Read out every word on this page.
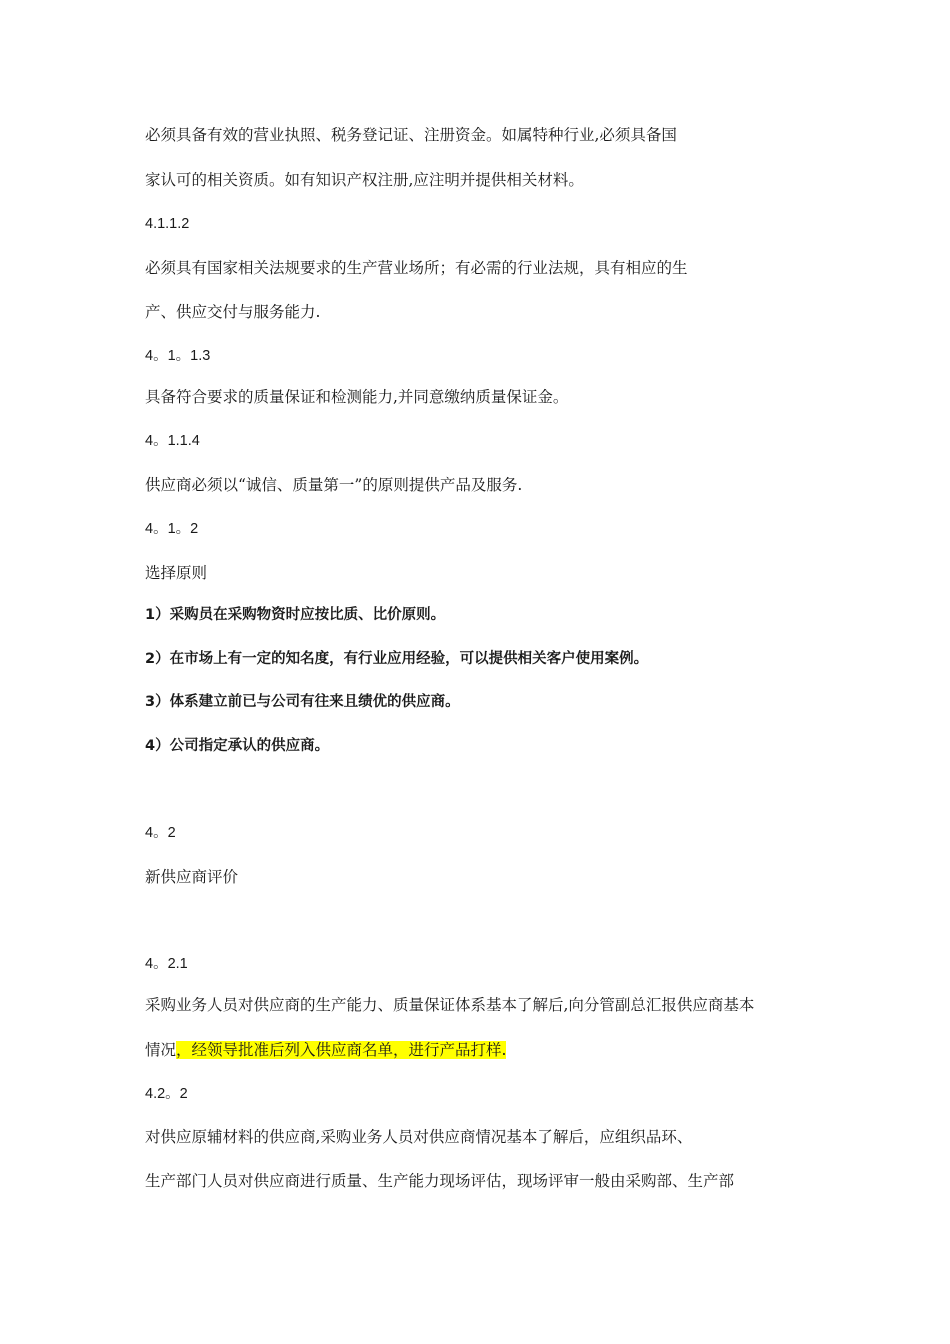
必须具备有效的营业执照、税务登记证、注册资金。如属特种行业,必须具备国
家认可的相关资质。如有知识产权注册,应注明并提供相关材料。
4.1.1.2
必须具有国家相关法规要求的生产营业场所；有必需的行业法规，具有相应的生
产、供应交付与服务能力.
4。1。1.3
具备符合要求的质量保证和检测能力,并同意缴纳质量保证金。
4。1.1.4
供应商必须以“诚信、质量第一”的原则提供产品及服务.
4。1。2
选择原则
1）采购员在采购物资时应按比质、比价原则。
2）在市场上有一定的知名度，有行业应用经验，可以提供相关客户使用案例。
3）体系建立前已与公司有往来且绩优的供应商。
4）公司指定承认的供应商。
4。2
新供应商评价
4。2.1
采购业务人员对供应商的生产能力、质量保证体系基本了解后,向分管副总汇报供应商基本
情况，经领导批准后列入供应商名单，进行产品打样.
4.2。2
对供应原辅材料的供应商,采购业务人员对供应商情况基本了解后，应组织品环、
生产部门人员对供应商进行质量、生产能力现场评估，现场评审一般由采购部、生产部
